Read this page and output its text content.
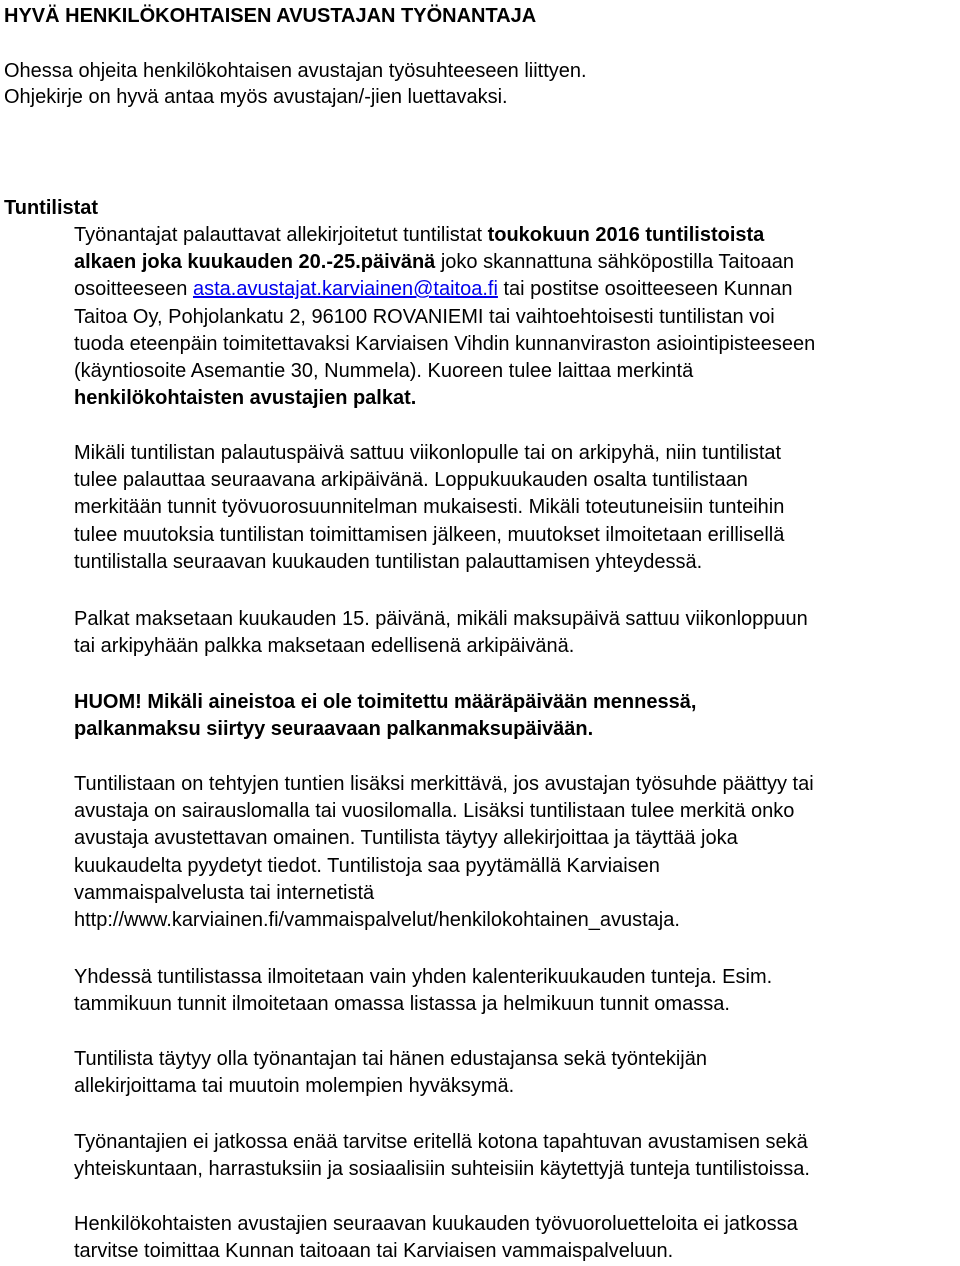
HYVÄ HENKILÖKOHTAISEN AVUSTAJAN TYÖNANTAJA
Ohessa ohjeita henkilökohtaisen avustajan työsuhteeseen liittyen.
Ohjekirje on hyvä antaa myös avustajan/-jien luettavaksi.
Tuntilistat
Työnantajat palauttavat allekirjoitetut tuntilistat toukokuun 2016 tuntilistoista
alkaen joka kuukauden 20.-25.päivänä joko skannattuna sähköpostilla Taitoaan
osoitteeseen asta.avustajat.karviainen@taitoa.fi tai postitse osoitteeseen Kunnan
Taitoa Oy, Pohjolankatu 2, 96100 ROVANIEMI tai vaihtoehtoisesti tuntilistan voi
tuoda eteenpäin toimitettavaksi Karviaisen Vihdin kunnanviraston asiointipisteeseen
(käyntiosoite Asemantie 30, Nummela). Kuoreen tulee laittaa merkintä
henkilökohtaisten avustajien palkat.
Mikäli tuntilistan palautuspäivä sattuu viikonlopulle tai on arkipyhä, niin tuntilistat
tulee palauttaa seuraavana arkipäivänä. Loppukuukauden osalta tuntilistaan
merkitään tunnit työvuorosuunnitelman mukaisesti. Mikäli toteutuneisiin tunteihin
tulee muutoksia tuntilistan toimittamisen jälkeen, muutokset ilmoitetaan erillisellä
tuntilistalla seuraavan kuukauden tuntilistan palauttamisen yhteydessä.
Palkat maksetaan kuukauden 15. päivänä, mikäli maksupäivä sattuu viikonloppuun
tai arkipyhään palkka maksetaan edellisenä arkipäivänä.
HUOM! Mikäli aineistoa ei ole toimitettu määräpäivään mennessä,
palkanmaksu siirtyy seuraavaan palkanmaksupäivään.
Tuntilistaan on tehtyjen tuntien lisäksi merkittävä, jos avustajan työsuhde päättyy tai
avustaja on sairauslomalla tai vuosilomalla. Lisäksi tuntilistaan tulee merkitä onko
avustaja avustettavan omainen. Tuntilista täytyy allekirjoittaa ja täyttää joka
kuukaudelta pyydetyt tiedot. Tuntilistoja saa pyytämällä Karviaisen
vammaispalvelusta tai internetistä
http://www.karviainen.fi/vammaispalvelut/henkilokohtainen_avustaja.
Yhdessä tuntilistassa ilmoitetaan vain yhden kalenterikuukauden tunteja. Esim.
tammikuun tunnit ilmoitetaan omassa listassa ja helmikuun tunnit omassa.
Tuntilista täytyy olla työnantajan tai hänen edustajansa sekä työntekijän
allekirjoittama tai muutoin molempien hyväksymä.
Työnantajien ei jatkossa enää tarvitse eritellä kotona tapahtuvan avustamisen sekä
yhteiskuntaan, harrastuksiin ja sosiaalisiin suhteisiin käytettyjä tunteja tuntilistoissa.
Henkilökohtaisten avustajien seuraavan kuukauden työvuoroluetteloita ei jatkossa
tarvitse toimittaa Kunnan taitoaan tai Karviaisen vammaispalveluun.
